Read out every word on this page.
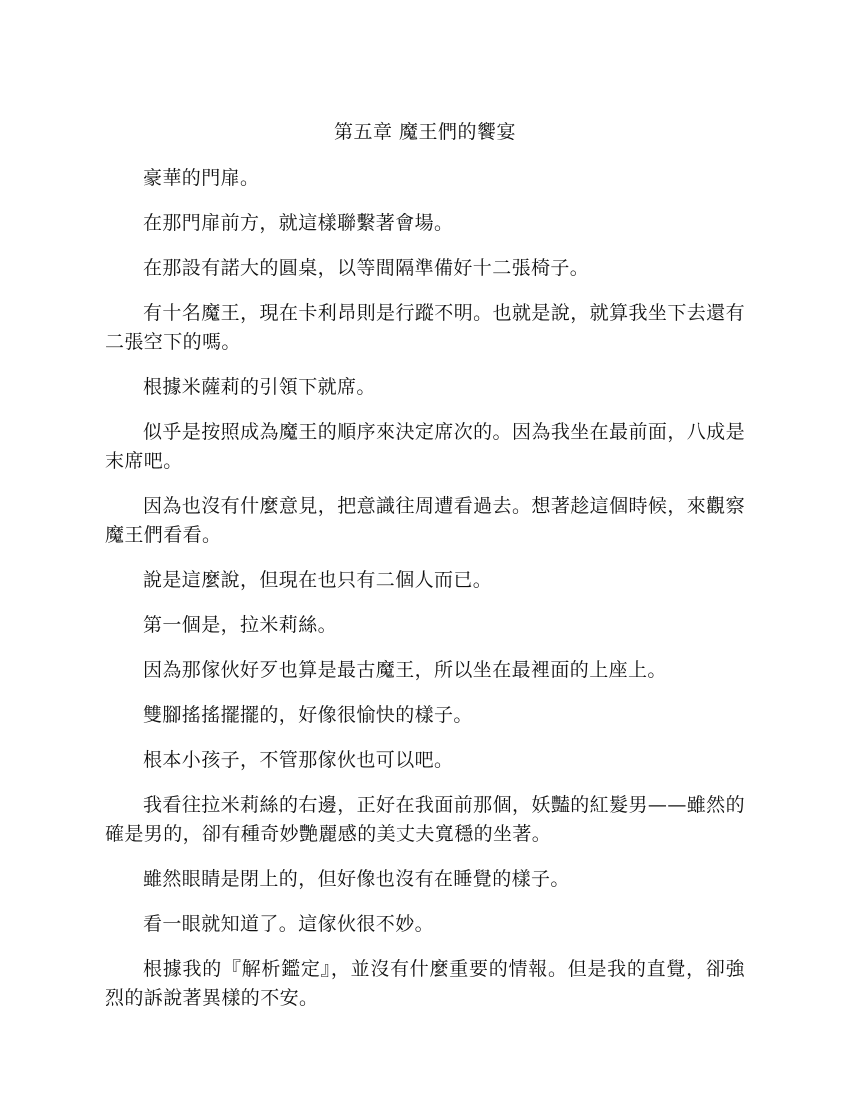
第五章 魔王們的饗宴

豪華的門扉。

在那門扉前方，就這樣聯繫著會場。

在那設有諾大的圓桌，以等間隔準備好十二張椅子。

有十名魔王，現在卡利昂則是行蹤不明。也就是說，就算我坐下去還有二張空下的嗎。

根據米薩莉的引領下就席。

似乎是按照成為魔王的順序來決定席次的。因為我坐在最前面，八成是末席吧。

因為也沒有什麼意見，把意識往周遭看過去。想著趁這個時候，來觀察魔王們看看。

說是這麼說，但現在也只有二個人而已。

第一個是，拉米莉絲。

因為那傢伙好歹也算是最古魔王，所以坐在最裡面的上座上。

雙腳搖搖擺擺的，好像很愉快的樣子。

根本小孩子，不管那傢伙也可以吧。

我看往拉米莉絲的右邊，正好在我面前那個，妖豔的紅髮男——雖然的確是男的，卻有種奇妙艷麗感的美丈夫寬穩的坐著。

雖然眼睛是閉上的，但好像也沒有在睡覺的樣子。

看一眼就知道了。這傢伙很不妙。

根據我的『解析鑑定』，並沒有什麼重要的情報。但是我的直覺，卻強烈的訴說著異樣的不安。
